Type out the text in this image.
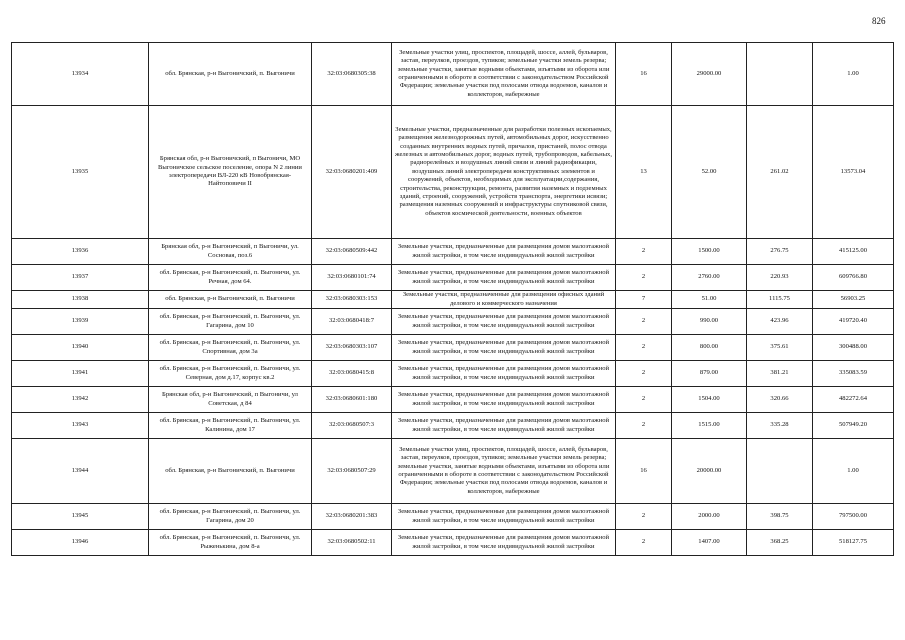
826
13934	обл. Брянская, р-н Выгоничский, п. Выгоничи	32:03:0680305:38	Земельные участки улиц, проспектов, площадей, шоссе, аллей, бульваров, застав, переулков, проездов, тупиков; земельные участки земель резерва; земельные участки, занятые водными объектами, изъятыми из оборота или ограниченными в обороте в соответствии с законодательством Российской Федерации; земельные участки под полосами отвода водоемов, каналов и коллекторов, набережные	16	29000.00		1.00
13935	Брянская обл, р-н Выгоничский, п Выгоничи, МО Выгоничское сельское поселение, опора N 2 линии электропередачи ВЛ-220 кВ Новобрянская- Найтоповичи II	32:03:0680201:409	Земельные участки, предназначенные для разработки полезных ископаемых, размещения железнодорожных путей, автомобильных дорог, искусственно созданных внутренних водных путей, причалов, пристаней, полос отвода железных и автомобильных дорог, водных путей, трубопроводов, кабельных, радиорелейных и воздушных линий связи и линий радиофикации, воздушных линий электропередачи конструктивных элементов и сооружений, объектов, необходимых для эксплуатации,содержания, строительства, реконструкции, ремонта, развития наземных и подземных зданий, строений, сооружений, устройств транспорта, энергетики иcвязи; размещения наземных сооружений и инфраструктуры спутниковой связи, объектов космической деятельности, военных объектов	13	52.00	261.02	13573.04
13936	Брянская обл, р-н Выгоничский, п Выгоничи, ул. Сосновая, поз.6	32:03:0680509:442	Земельные участки, предназначенные для размещения домов малоэтажной жилой застройки, в том числе индивидуальной жилой застройки	2	1500.00	276.75	415125.00
13937	обл. Брянская, р-н Выгоничский, п. Выгоничи, ул. Речная, дом 64.	32:03:0680101:74	Земельные участки, предназначенные для размещения домов малоэтажной жилой застройки, в том числе индивидуальной жилой застройки	2	2760.00	220.93	609766.80
13938	обл. Брянская, р-н Выгоничский, п. Выгоничи	32:03:0680303:153	Земельные участки, предназначенные для размещения офисных зданий делового и коммерческого назначения	7	51.00	1115.75	56903.25
13939	обл. Брянская, р-н Выгоничский, п. Выгоничи, ул. Гагарина, дом 10	32:03:0680418:7	Земельные участки, предназначенные для размещения домов малоэтажной жилой застройки, в том числе индивидуальной жилой застройки	2	990.00	423.96	419720.40
13940	обл. Брянская, р-н Выгоничский, п. Выгоничи, ул. Спортивная, дом 3а	32:03:0680303:107	Земельные участки, предназначенные для размещения домов малоэтажной жилой застройки, в том числе индивидуальной жилой застройки	2	800.00	375.61	300488.00
13941	обл. Брянская, р-н Выгоничский, п. Выгоничи, ул. Северная, дом д.17, корпус кв.2	32:03:0680415:8	Земельные участки, предназначенные для размещения домов малоэтажной жилой застройки, в том числе индивидуальной жилой застройки	2	879.00	381.21	335083.59
13942	Брянская обл, р-н Выгоничский, п Выгоничи, ул Советская, д 84	32:03:0680601:180	Земельные участки, предназначенные для размещения домов малоэтажной жилой застройки, в том числе индивидуальной жилой застройки	2	1504.00	320.66	482272.64
13943	обл. Брянская, р-н Выгоничский, п. Выгоничи, ул. Калинина, дом 17	32:03:0680507:3	Земельные участки, предназначенные для размещения домов малоэтажной жилой застройки, в том числе индивидуальной жилой застройки	2	1515.00	335.28	507949.20
13944	обл. Брянская, р-н Выгоничский, п. Выгоничи	32:03:0680507:29	Земельные участки улиц, проспектов, площадей, шоссе, аллей, бульваров, застав, переулков, проездов, тупиков; земельные участки земель резерва; земельные участки, занятые водными объектами, изъятыми из оборота или ограниченными в обороте в соответствии с законодательством Российской Федерации; земельные участки под полосами отвода водоемов, каналов и коллекторов, набережные	16	20000.00		1.00
13945	обл. Брянская, р-н Выгоничский, п. Выгоничи, ул. Гагарина, дом 20	32:03:0680201:383	Земельные участки, предназначенные для размещения домов малоэтажной жилой застройки, в том числе индивидуальной жилой застройки	2	2000.00	398.75	797500.00
13946	обл. Брянская, р-н Выгоничский, п. Выгоничи, ул. Рыженькина, дом 8-а	32:03:0680502:11	Земельные участки, предназначенные для размещения домов малоэтажной жилой застройки, в том числе индивидуальной жилой застройки	2	1407.00	368.25	518127.75
